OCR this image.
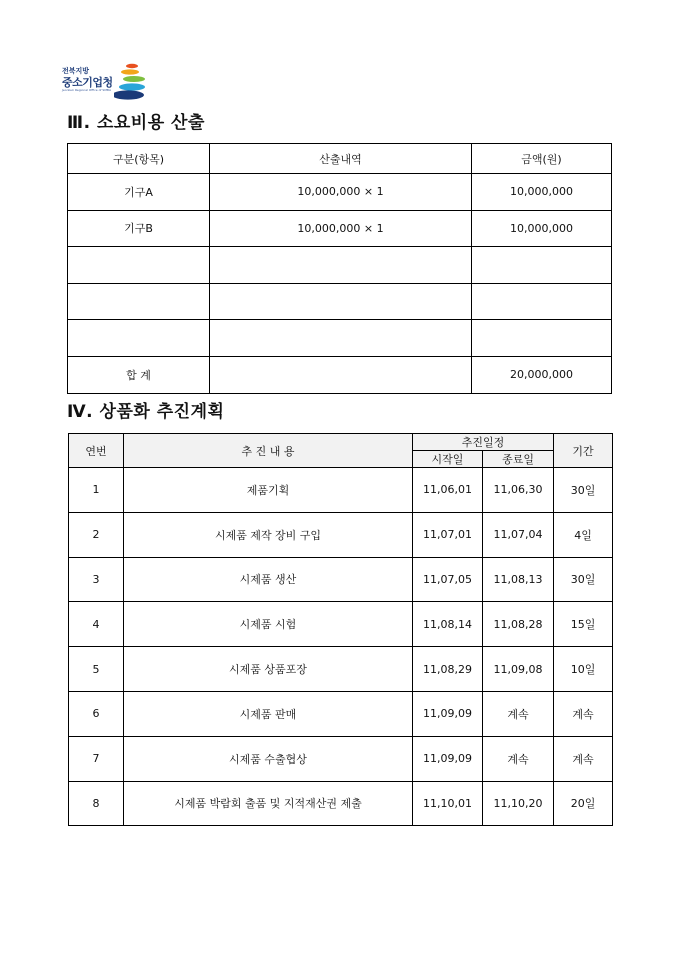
전북지방
중소기업청
Jeonbuk Regional Office of SMBA
Ⅲ. 소요비용 산출
구분(항목)	산출내역	금액(원)
기구A	10,000,000 × 1	10,000,000
기구B	10,000,000 × 1	10,000,000

합 계		20,000,000
Ⅳ. 상품화 추진계획
연번	추 진 내 용	추진일정		기간
		시작일	종료일	
1	제품기획	11,06,01	11,06,30	30일
2	시제품 제작 장비 구입	11,07,01	11,07,04	4일
3	시제품 생산	11,07,05	11,08,13	30일
4	시제품 시험	11,08,14	11,08,28	15일
5	시제품 상품포장	11,08,29	11,09,08	10일
6	시제품 판매	11,09,09	계속	계속
7	시제품 수출협상	11,09,09	계속	계속
8	시제품 박람회 출품 및 지적재산권 제출	11,10,01	11,10,20	20일
